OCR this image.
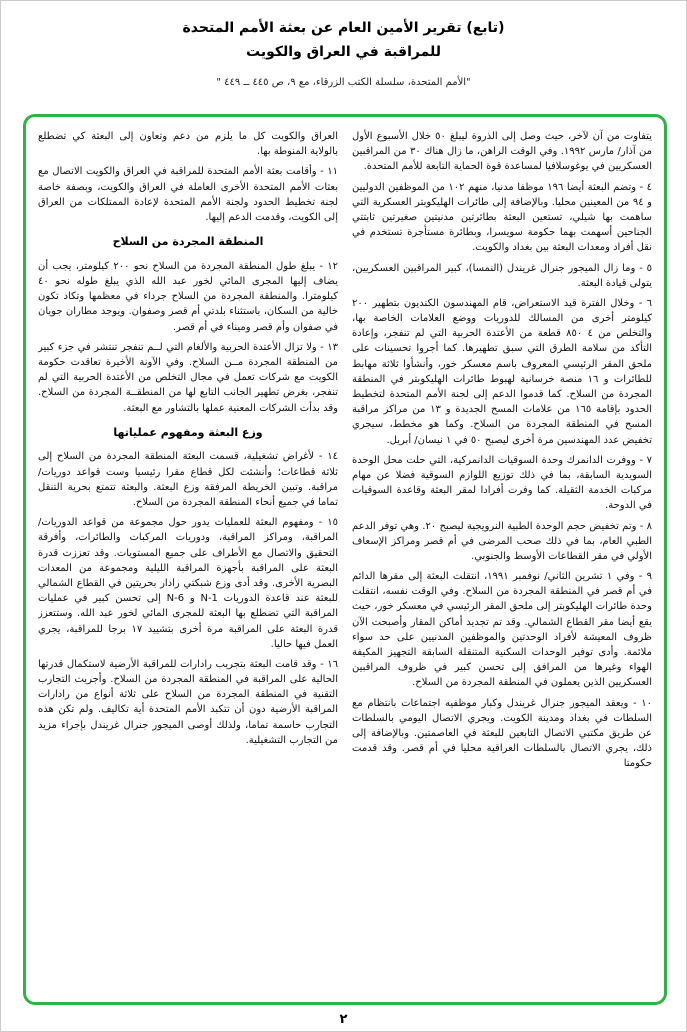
(تابع) تقرير الأمين العام عن بعثة الأمم المتحدة
للمراقبة في العراق والكويت
"الأمم المتحدة، سلسلة الكتب الزرقاء، مع ٩، ص ٤٤٥ ــ ٤٤٩ "

يتفاوت من آن لآخر، حيث وصل إلى الذروة ليبلغ ٥٠ خلال الأسبوع الأول من آذار/ مارس ١٩٩٢. وفي الوقت الراهن، ما زال هناك ٣٠ من المراقبين العسكريين في يوغوسلافيا لمساعدة قوة الحماية التابعة للأمم المتحدة.

٤ - وتضم البعثة أيضا ١٩٦ موظفا مدنيا، منهم ١٠٢ من الموظفين الدوليين و ٩٤ من المعينين محليا. وبالإضافة إلى طائرات الهليكوبتر العسكرية التي ساهمت بها شيلي، تستعين البعثة بطائرتين مدنيتين صغيرتين ثابتتي الجناحين أسهمت بهما حكومة سويسرا، وبطائرة مستأجرة تستخدم في نقل أفراد ومعدات البعثة بين بغداد والكويت.

٥ - وما زال الميجور جنرال غريندل (النمسا)، كبير المراقبين العسكريين، يتولى قيادة البعثة.

٦ - وخلال الفترة قيد الاستعراض، قام المهندسون الكنديون بتطهير ٢٠٠ كيلومتر أخرى من المسالك للدوريات ووضع العلامات الخاصة بها، والتخلص من ٤ ٨٥٠ قطعة من الأعتدة الحربية التي لم تنفجر، وإعادة التأكد من سلامة الطرق التي سبق تطهيرها. كما أجروا تحسينات على ملحق المقر الرئيسي المعروف باسم معسكر خور، وأنشأوا ثلاثة مهابط للطائرات و ١٦ منصة خرسانية لهبوط طائرات الهليكوبتر في المنطقة المجردة من السلاح. كما قدموا الدعم إلى لجنة الأمم المتحدة لتخطيط الحدود بإقامة ١٦٥ من علامات المسح الجديدة و ١٣ من مراكز مراقبة المسح في المنطقة المجردة من السلاح. وكما هو مخطط، سيجري تخفيض عدد المهندسين مرة أخرى ليصبح ٥٠ في ١ نيسان/ أبريل.

٧ - ووفرت الدانمرك وحدة السوقيات الدانمركية، التي حلت محل الوحدة السويدية السابقة، بما في ذلك توزيع اللوازم السوقية فضلا عن مهام مركبات الخدمة الثقيلة. كما وفرت أفرادا لمقر البعثة وقاعدة السوقيات في الدوحة.

٨ - وتم تخفيض حجم الوحدة الطبية النرويجية ليصبح ٢٠. وهي توفر الدعم الطبي العام، بما في ذلك صحب المرضى في أم قصر ومراكز الإسعاف الأولي في مقر القطاعات الأوسط والجنوبي.

٩ - وفي ١ تشرين الثاني/ نوفمبر ١٩٩١، انتقلت البعثة إلى مقرها الدائم في أم قصر في المنطقة المجردة من السلاح. وفي الوقت نفسه، انتقلت وحدة طائرات الهليكوبتر إلى ملحق المقر الرئيسي في معسكر خور، حيث يقع أيضا مقر القطاع الشمالي. وقد تم تجديد أماكن المقار وأصبحت الآن ظروف المعيشة لأفراد الوحدتين والموظفين المدنيين على حد سواء ملائمة. وأدى توفير الوحدات السكنية المتنقلة السابقة التجهيز المكيفة الهواء وغيرها من المرافق إلى تحسن كبير في ظروف المراقبين العسكريين الذين يعملون في المنطقة المجردة من السلاح.

١٠ - ويعقد الميجور جنرال غريندل وكبار موظفيه اجتماعات بانتظام مع السلطات في بغداد ومدينة الكويت. ويجري الاتصال اليومي بالسلطات عن طريق مكتبي الاتصال التابعين للبعثة في العاصمتين. وبالإضافة إلى ذلك، يجري الاتصال بالسلطات العراقية محليا في أم قصر. وقد قدمت حكومتا

العراق والكويت كل ما يلزم من دعم وتعاون إلى البعثة كي تضطلع بالولاية المنوطة بها.

١١ - وأقامت بعثة الأمم المتحدة للمراقبة في العراق والكويت الاتصال مع بعثات الأمم المتحدة الأخرى العاملة في العراق والكويت، وبصفة خاصة لجنة تخطيط الحدود ولجنة الأمم المتحدة لإعادة الممتلكات من العراق إلى الكويت، وقدمت الدعم إليها.

المنطقة المجردة من السلاح

١٢ - يبلغ طول المنطقة المجردة من السلاح نحو ٢٠٠ كيلومتر، يجب أن يضاف إليها المجرى المائي لخور عبد الله الذي يبلغ طوله نحو ٤٠ كيلومترا. والمنطقة المجردة من السلاح جرداء في معظمها وتكاد تكون خالية من السكان، باستثناء بلدتي أم قصر وصفوان. ويوجد مطاران جويان في صفوان وأم قصر وميناء في أم قصر.

١٣ - ولا تزال الأعتدة الحربية والألغام التي لــم تنفجر تنتشر في جزء كبير من المنطقة المجردة مــن السلاح. وفي الآونة الأخيرة تعاقدت حكومة الكويت مع شركات تعمل في مجال التخلص من الأعتدة الحربية التي لم تنفجر، بغرض تطهير الجانب التابع لها من المنطقــة المجردة من السلاح. وقد بدأت الشركات المعنية عملها بالتشاور مع البعثة.

وزع البعثة ومفهوم عملياتها

١٤ - لأغراض تشغيلية، قسمت البعثة المنطقة المجردة من السلاح إلى ثلاثة قطاعات؛ وأنشئت لكل قطاع مقرا رئيسيا وست قواعد دوريات/ مراقبة. وتبين الخريطة المرفقة وزع البعثة. والبعثة تتمتع بحرية التنقل تماما في جميع أنحاء المنطقة المجردة من السلاح.

١٥ - ومفهوم البعثة للعمليات يدور حول مجموعة من قواعد الدوريات/ المراقبة، ومراكز المراقبة، ودوريات المركبات والطائرات، وأفرقة التحقيق والاتصال مع الأطراف على جميع المستويات. وقد تعززت قدرة البعثة على المراقبة بأجهزة المراقبة الليلية ومجموعة من المعدات البصرية الأخرى. وقد أدى وزع شبكتي رادار بحريتين في القطاع الشمالي للبعثة عند قاعدة الدوريات N-1 و N-6 إلى تحسن كبير في عمليات المراقبة التي تضطلع بها البعثة للمجرى المائي لخور عبد الله. وستتعزز قدرة البعثة على المراقبة مرة أخرى بتشييد ١٧ برجا للمراقبة، يجري العمل فيها حاليا.

١٦ - وقد قامت البعثة بتجريب رادارات للمراقبة الأرضية لاستكمال قدرتها الحالية على المراقبة في المنطقة المجردة من السلاح. وأجريت التجارب التقنية في المنطقة المجردة من السلاح على ثلاثة أنواع من رادارات المراقبة الأرضية دون أن تتكبد الأمم المتحدة أية تكاليف. ولم تكن هذه التجارب حاسمة تماما، ولذلك أوصى الميجور جنرال غريندل بإجراء مزيد من التجارب التشغيلية.

٢
